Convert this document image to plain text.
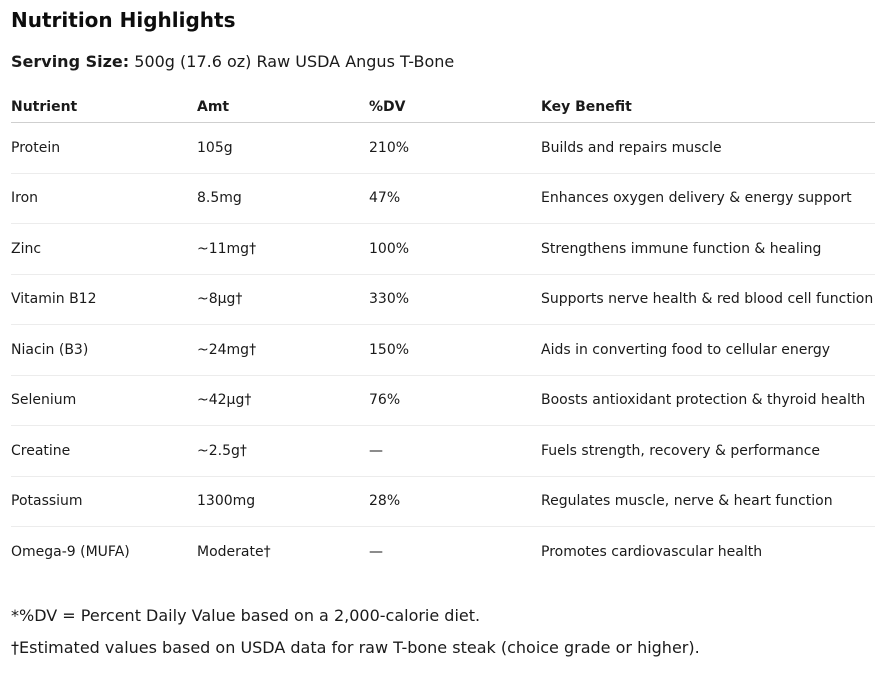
Nutrition Highlights
Serving Size: 500g (17.6 oz) Raw USDA Angus T-Bone
Nutrient	Amt	%DV	Key Benefit
Protein	105g	210%	Builds and repairs muscle
Iron	8.5mg	47%	Enhances oxygen delivery & energy support
Zinc	~11mg†	100%	Strengthens immune function & healing
Vitamin B12	~8µg†	330%	Supports nerve health & red blood cell function
Niacin (B3)	~24mg†	150%	Aids in converting food to cellular energy
Selenium	~42µg†	76%	Boosts antioxidant protection & thyroid health
Creatine	~2.5g†	—	Fuels strength, recovery & performance
Potassium	1300mg	28%	Regulates muscle, nerve & heart function
Omega-9 (MUFA)	Moderate†	—	Promotes cardiovascular health
*%DV = Percent Daily Value based on a 2,000-calorie diet.
†Estimated values based on USDA data for raw T-bone steak (choice grade or higher).
